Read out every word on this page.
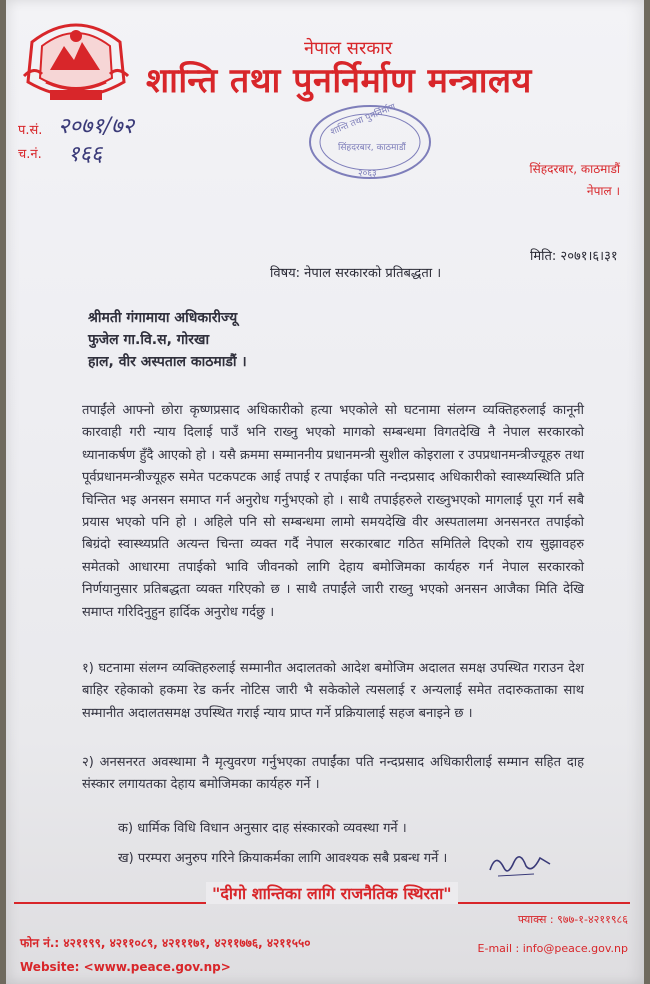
नेपाल सरकार
शान्ति तथा पुनर्निर्माण मन्त्रालय
प.सं. २०७१/७२
च.नं. १६६
शान्ति तथा पुनर्निर्माण
सिंहदरबार, काठमाडौं
२०६३	सिंहदरबार, काठमाडौं
नेपाल ।
मिति: २०७१।६।३१
विषय: नेपाल सरकारको प्रतिबद्धता ।
श्रीमती गंगामाया अधिकारीज्यू
फुजेल गा.वि.स, गोरखा
हाल, वीर अस्पताल काठमाडौं ।
तपाईंले आफ्नो छोरा कृष्णप्रसाद अधिकारीको हत्या भएकोले सो घटनामा संलग्न व्यक्तिहरुलाई कानूनी कारवाही गरी न्याय दिलाई पाउँ भनि राख्नु भएको मागको सम्बन्धमा विगतदेखि नै नेपाल सरकारको ध्यानाकर्षण हुँदै आएको हो । यसै क्रममा सम्माननीय प्रधानमन्त्री सुशील कोइराला र उपप्रधानमन्त्रीज्यूहरु तथा पूर्वप्रधानमन्त्रीज्यूहरु समेत पटकपटक आई तपाई र तपाईका पति नन्दप्रसाद अधिकारीको स्वास्थ्यस्थिति प्रति चिन्तित भइ अनसन समाप्त गर्न अनुरोध गर्नुभएको हो । साथै तपाईहरुले राख्नुभएको मागलाई पूरा गर्न सबै प्रयास भएको पनि हो । अहिले पनि सो सम्बन्धमा लामो समयदेखि वीर अस्पतालमा अनसनरत तपाईको बिग्रंदो स्वास्थ्यप्रति अत्यन्त चिन्ता व्यक्त गर्दै नेपाल सरकारबाट गठित समितिले दिएको राय सुझावहरु समेतको आधारमा तपाईको भावि जीवनको लागि देहाय बमोजिमका कार्यहरु गर्न नेपाल सरकारको निर्णयानुसार प्रतिबद्धता व्यक्त गरिएको छ । साथै तपाईंले जारी राख्नु भएको अनसन आजैका मिति देखि समाप्त गरिदिनुहुन हार्दिक अनुरोध गर्दछु ।
१) घटनामा संलग्न व्यक्तिहरुलाई सम्मानीत अदालतको आदेश बमोजिम अदालत समक्ष उपस्थित गराउन देश बाहिर रहेकाको हकमा रेड कर्नर नोटिस जारी भै सकेकोले त्यसलाई र अन्यलाई समेत तदारुकताका साथ सम्मानीत अदालतसमक्ष उपस्थित गराई न्याय प्राप्त गर्ने प्रक्रियालाई सहज बनाइने छ ।
२) अनसनरत अवस्थामा नै मृत्युवरण गर्नुभएका तपाईंका पति नन्दप्रसाद अधिकारीलाई सम्मान सहित दाह संस्कार लगायतका देहाय बमोजिमका कार्यहरु गर्ने ।
क) धार्मिक विधि विधान अनुसार दाह संस्कारको व्यवस्था गर्ने ।
ख) परम्परा अनुरुप गरिने क्रियाकर्मका लागि आवश्यक सबै प्रबन्ध गर्ने ।
"दीगो शान्तिका लागि राजनैतिक स्थिरता"
फ्याक्स : ९७७-१-४२११९८६
फोन नं.: ४२११९९, ४२११०८९, ४२१११७१, ४२११७७६, ४२११५५०	E-mail : info@peace.gov.np
Website: <www.peace.gov.np>
